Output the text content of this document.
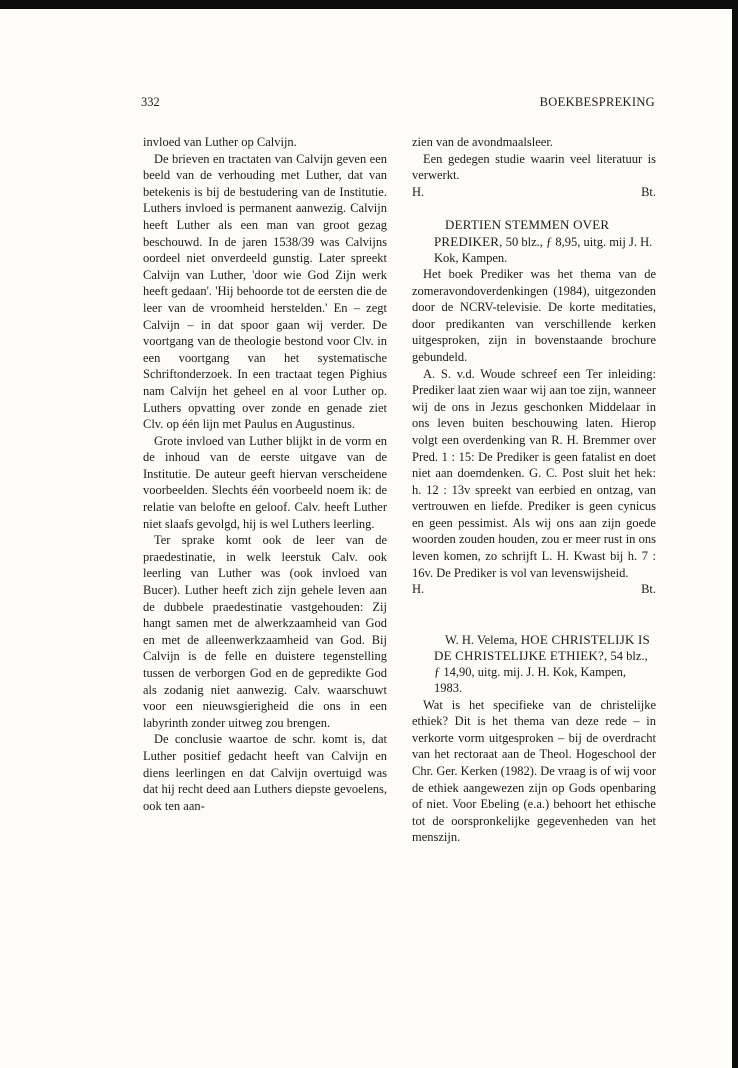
332	BOEKBESPREKING

invloed van Luther op Calvijn.

De brieven en tractaten van Calvijn geven een beeld van de verhouding met Luther, dat van betekenis is bij de bestudering van de Institutie. Luthers invloed is permanent aanwezig. Calvijn heeft Luther als een man van groot gezag beschouwd. In de jaren 1538/39 was Calvijns oordeel niet onverdeeld gunstig. Later spreekt Calvijn van Luther, 'door wie God Zijn werk heeft gedaan'. 'Hij behoorde tot de eersten die de leer van de vroomheid herstelden.' En – zegt Calvijn – in dat spoor gaan wij verder. De voortgang van de theologie bestond voor Clv. in een voortgang van het systematische Schriftonderzoek. In een tractaat tegen Pighius nam Calvijn het geheel en al voor Luther op. Luthers opvatting over zonde en genade ziet Clv. op één lijn met Paulus en Augustinus.

Grote invloed van Luther blijkt in de vorm en de inhoud van de eerste uitgave van de Institutie. De auteur geeft hiervan verscheidene voorbeelden. Slechts één voorbeeld noem ik: de relatie van belofte en geloof. Calv. heeft Luther niet slaafs gevolgd, hij is wel Luthers leerling.

Ter sprake komt ook de leer van de praedestinatie, in welk leerstuk Calv. ook leerling van Luther was (ook invloed van Bucer). Luther heeft zich zijn gehele leven aan de dubbele praedestinatie vastgehouden: Zij hangt samen met de alwerkzaamheid van God en met de alleenwerkzaamheid van God. Bij Calvijn is de felle en duistere tegenstelling tussen de verborgen God en de gepredikte God als zodanig niet aanwezig. Calv. waarschuwt voor een nieuwsgierigheid die ons in een labyrinth zonder uitweg zou brengen.

De conclusie waartoe de schr. komt is, dat Luther positief gedacht heeft van Calvijn en diens leerlingen en dat Calvijn overtuigd was dat hij recht deed aan Luthers diepste gevoelens, ook ten aan-

zien van de avondmaalsleer.

Een gedegen studie waarin veel literatuur is verwerkt.

H.	Bt.

DERTIEN STEMMEN OVER PREDIKER, 50 blz., ƒ 8,95, uitg. mij J. H. Kok, Kampen.

Het boek Prediker was het thema van de zomeravondoverdenkingen (1984), uitgezonden door de NCRV-televisie. De korte meditaties, door predikanten van verschillende kerken uitgesproken, zijn in bovenstaande brochure gebundeld.

A. S. v.d. Woude schreef een Ter inleiding: Prediker laat zien waar wij aan toe zijn, wanneer wij de ons in Jezus geschonken Middelaar in ons leven buiten beschouwing laten. Hierop volgt een overdenking van R. H. Bremmer over Pred. 1 : 15: De Prediker is geen fatalist en doet niet aan doemdenken. G. C. Post sluit het hek: h. 12 : 13v spreekt van eerbied en ontzag, van vertrouwen en liefde. Prediker is geen cynicus en geen pessimist. Als wij ons aan zijn goede woorden zouden houden, zou er meer rust in ons leven komen, zo schrijft L. H. Kwast bij h. 7 : 16v. De Prediker is vol van levenswijsheid.

H.	Bt.

W. H. Velema, HOE CHRISTELIJK IS DE CHRISTELIJKE ETHIEK?, 54 blz., ƒ 14,90, uitg. mij. J. H. Kok, Kampen, 1983.

Wat is het specifieke van de christelijke ethiek? Dit is het thema van deze rede – in verkorte vorm uitgesproken – bij de overdracht van het rectoraat aan de Theol. Hogeschool der Chr. Ger. Kerken (1982). De vraag is of wij voor de ethiek aangewezen zijn op Gods openbaring of niet. Voor Ebeling (e.a.) behoort het ethische tot de oorspronkelijke gegevenheden van het menszijn.
